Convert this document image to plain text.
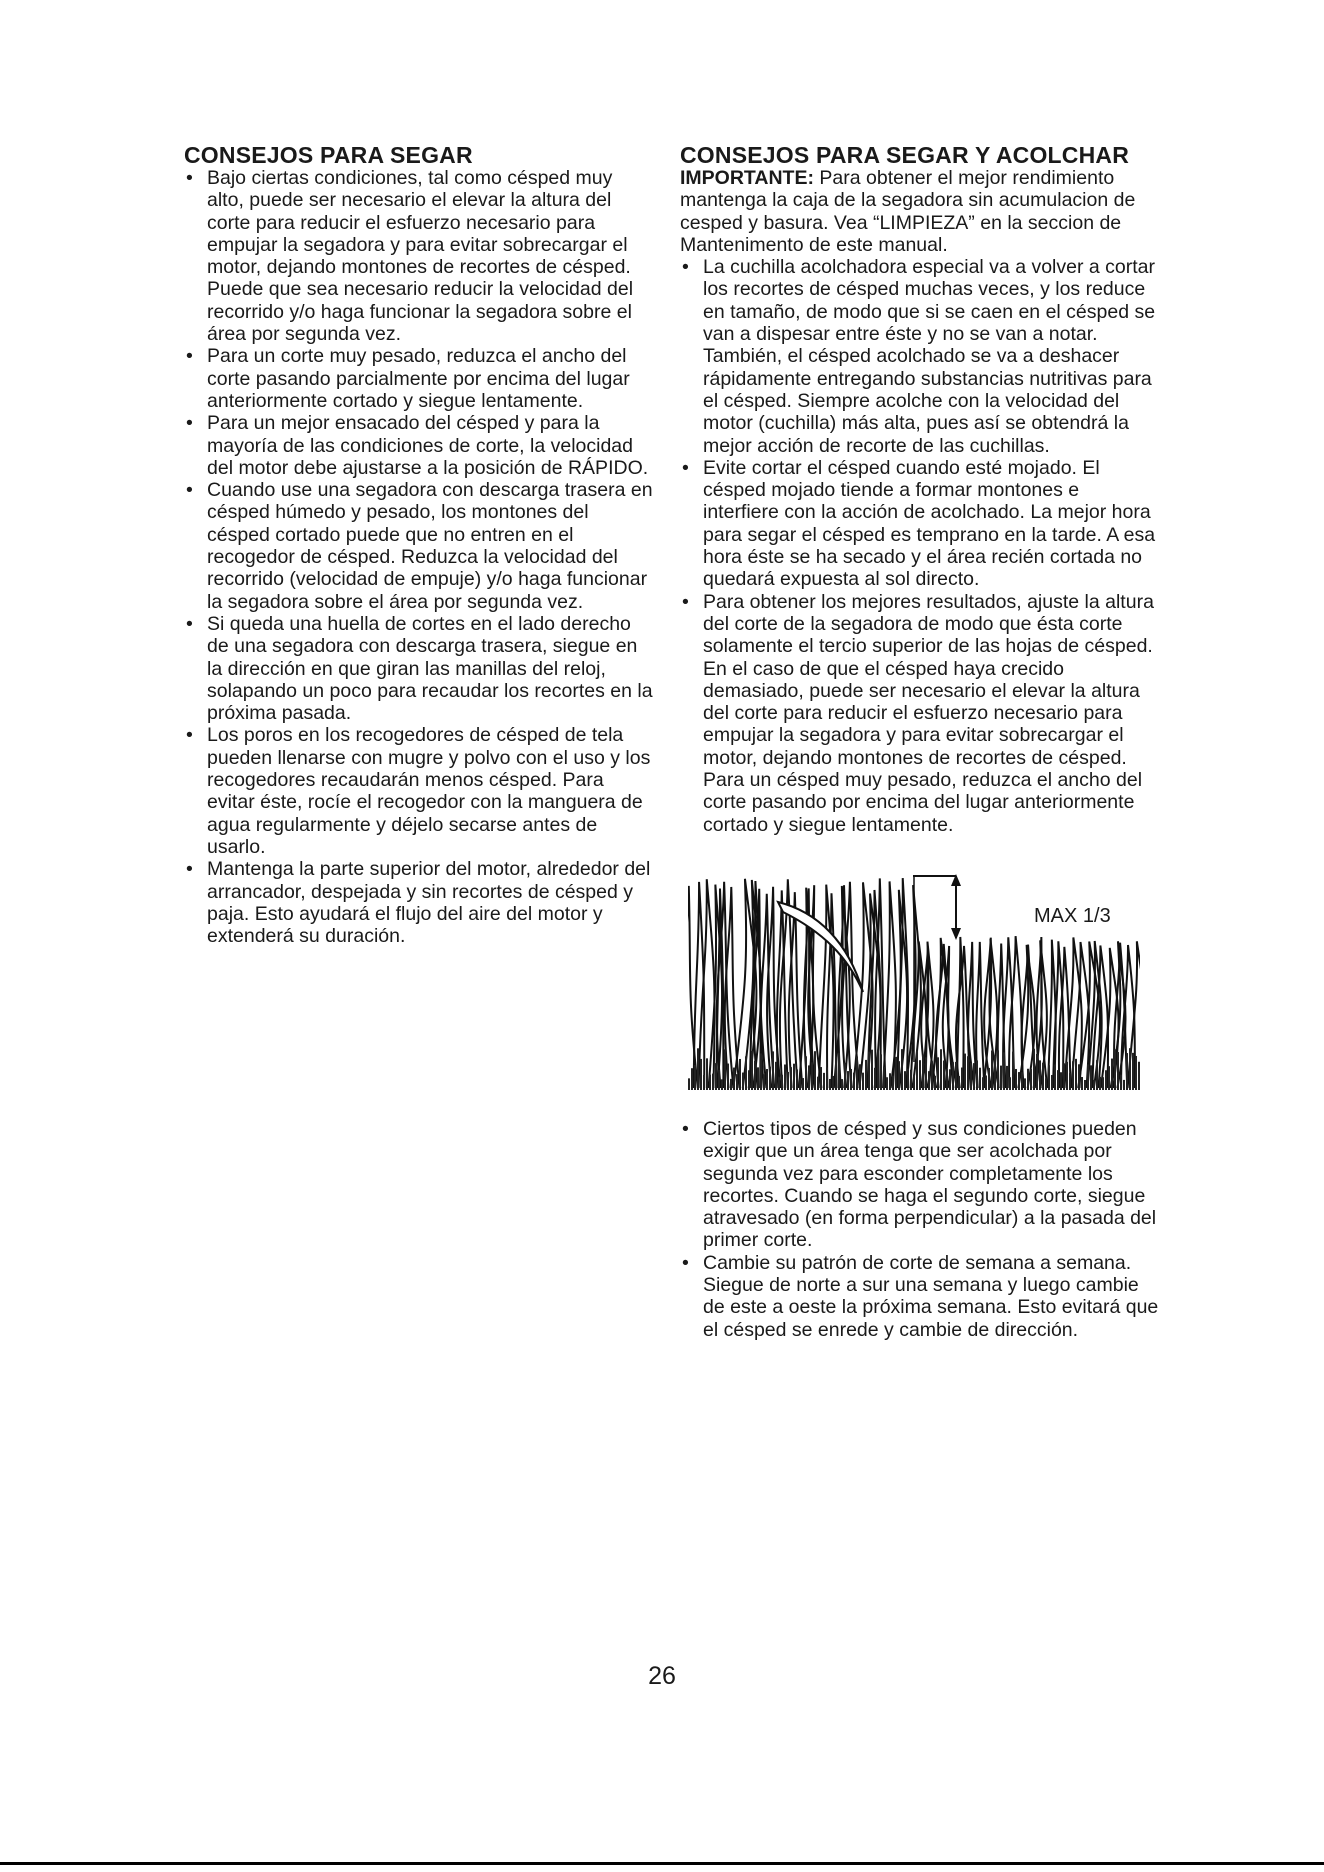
CONSEJOS PARA SEGAR
• Bajo ciertas condiciones, tal como césped muy alto, puede ser necesario el elevar la altura del corte para reducir el esfuerzo necesario para empujar la segadora y para evitar sobrecargar el motor, dejando montones de recortes de césped. Puede que sea necesario reducir la velocidad del recorrido y/o haga funcionar la segadora sobre el área por segunda vez.
• Para un corte muy pesado, reduzca el ancho del corte pasando parcialmente por encima del lugar anteriormente cortado y siegue lentamente.
• Para un mejor ensacado del césped y para la mayoría de las condiciones de corte, la velocidad del motor debe ajustarse a la posición de RÁPIDO.
• Cuando use una segadora con descarga trasera en césped húmedo y pesado, los montones del césped cortado puede que no entren en el recogedor de césped. Reduzca la velocidad del recorrido (velocidad de empuje) y/o haga funcionar la segadora sobre el área por segunda vez.
• Si queda una huella de cortes en el lado derecho de una segadora con descarga trasera, siegue en la dirección en que giran las manillas del reloj, solapando un poco para recaudar los recortes en la próxima pasada.
• Los poros en los recogedores de césped de tela pueden llenarse con mugre y polvo con el uso y los recogedores recaudarán menos césped. Para evitar éste, rocíe el recogedor con la manguera de agua regularmente y déjelo secarse antes de usarlo.
• Mantenga la parte superior del motor, alrededor del arrancador, despejada y sin recortes de césped y paja. Esto ayudará el flujo del aire del motor y extenderá su duración.
CONSEJOS PARA SEGAR Y ACOLCHAR

IMPORTANTE: Para obtener el mejor rendimiento mantenga la caja de la segadora sin acumulacion de cesped y basura. Vea “LIMPIEZA” en la seccion de Mantenimento de este manual.

• La cuchilla acolchadora especial va a volver a cortar los recortes de césped muchas veces, y los reduce en tamaño, de modo que si se caen en el césped se van a dispesar entre éste y no se van a notar. También, el césped acolchado se va a deshacer rápidamente entregando substancias nutritivas para el césped. Siempre acolche con la velocidad del motor (cuchilla) más alta, pues así se obtendrá la mejor acción de recorte de las cuchillas.
• Evite cortar el césped cuando esté mojado. El césped mojado tiende a formar montones e interfiere con la acción de acolchado. La mejor hora para segar el césped es temprano en la tarde. A esa hora éste se ha secado y el área recién cortada no quedará expuesta al sol directo.
• Para obtener los mejores resultados, ajuste la altura del corte de la segadora de modo que ésta corte solamente el tercio superior de las hojas de césped. En el caso de que el césped haya crecido demasiado, puede ser necesario el elevar la altura del corte para reducir el esfuerzo necesario para empujar la segadora y para evitar sobrecargar el motor, dejando montones de recortes de césped. Para un césped muy pesado, reduzca el ancho del corte pasando por encima del lugar anteriormente cortado y siegue lentamente.
MAX 1/3
• Ciertos tipos de césped y sus condiciones pueden exigir que un área tenga que ser acolchada por segunda vez para esconder completamente los recortes. Cuando se haga el segundo corte, siegue atravesado (en forma perpendicular) a la pasada del primer corte.
• Cambie su patrón de corte de semana a semana. Siegue de norte a sur una semana y luego cambie de este a oeste la próxima semana. Esto evitará que el césped se enrede y cambie de dirección.
26
